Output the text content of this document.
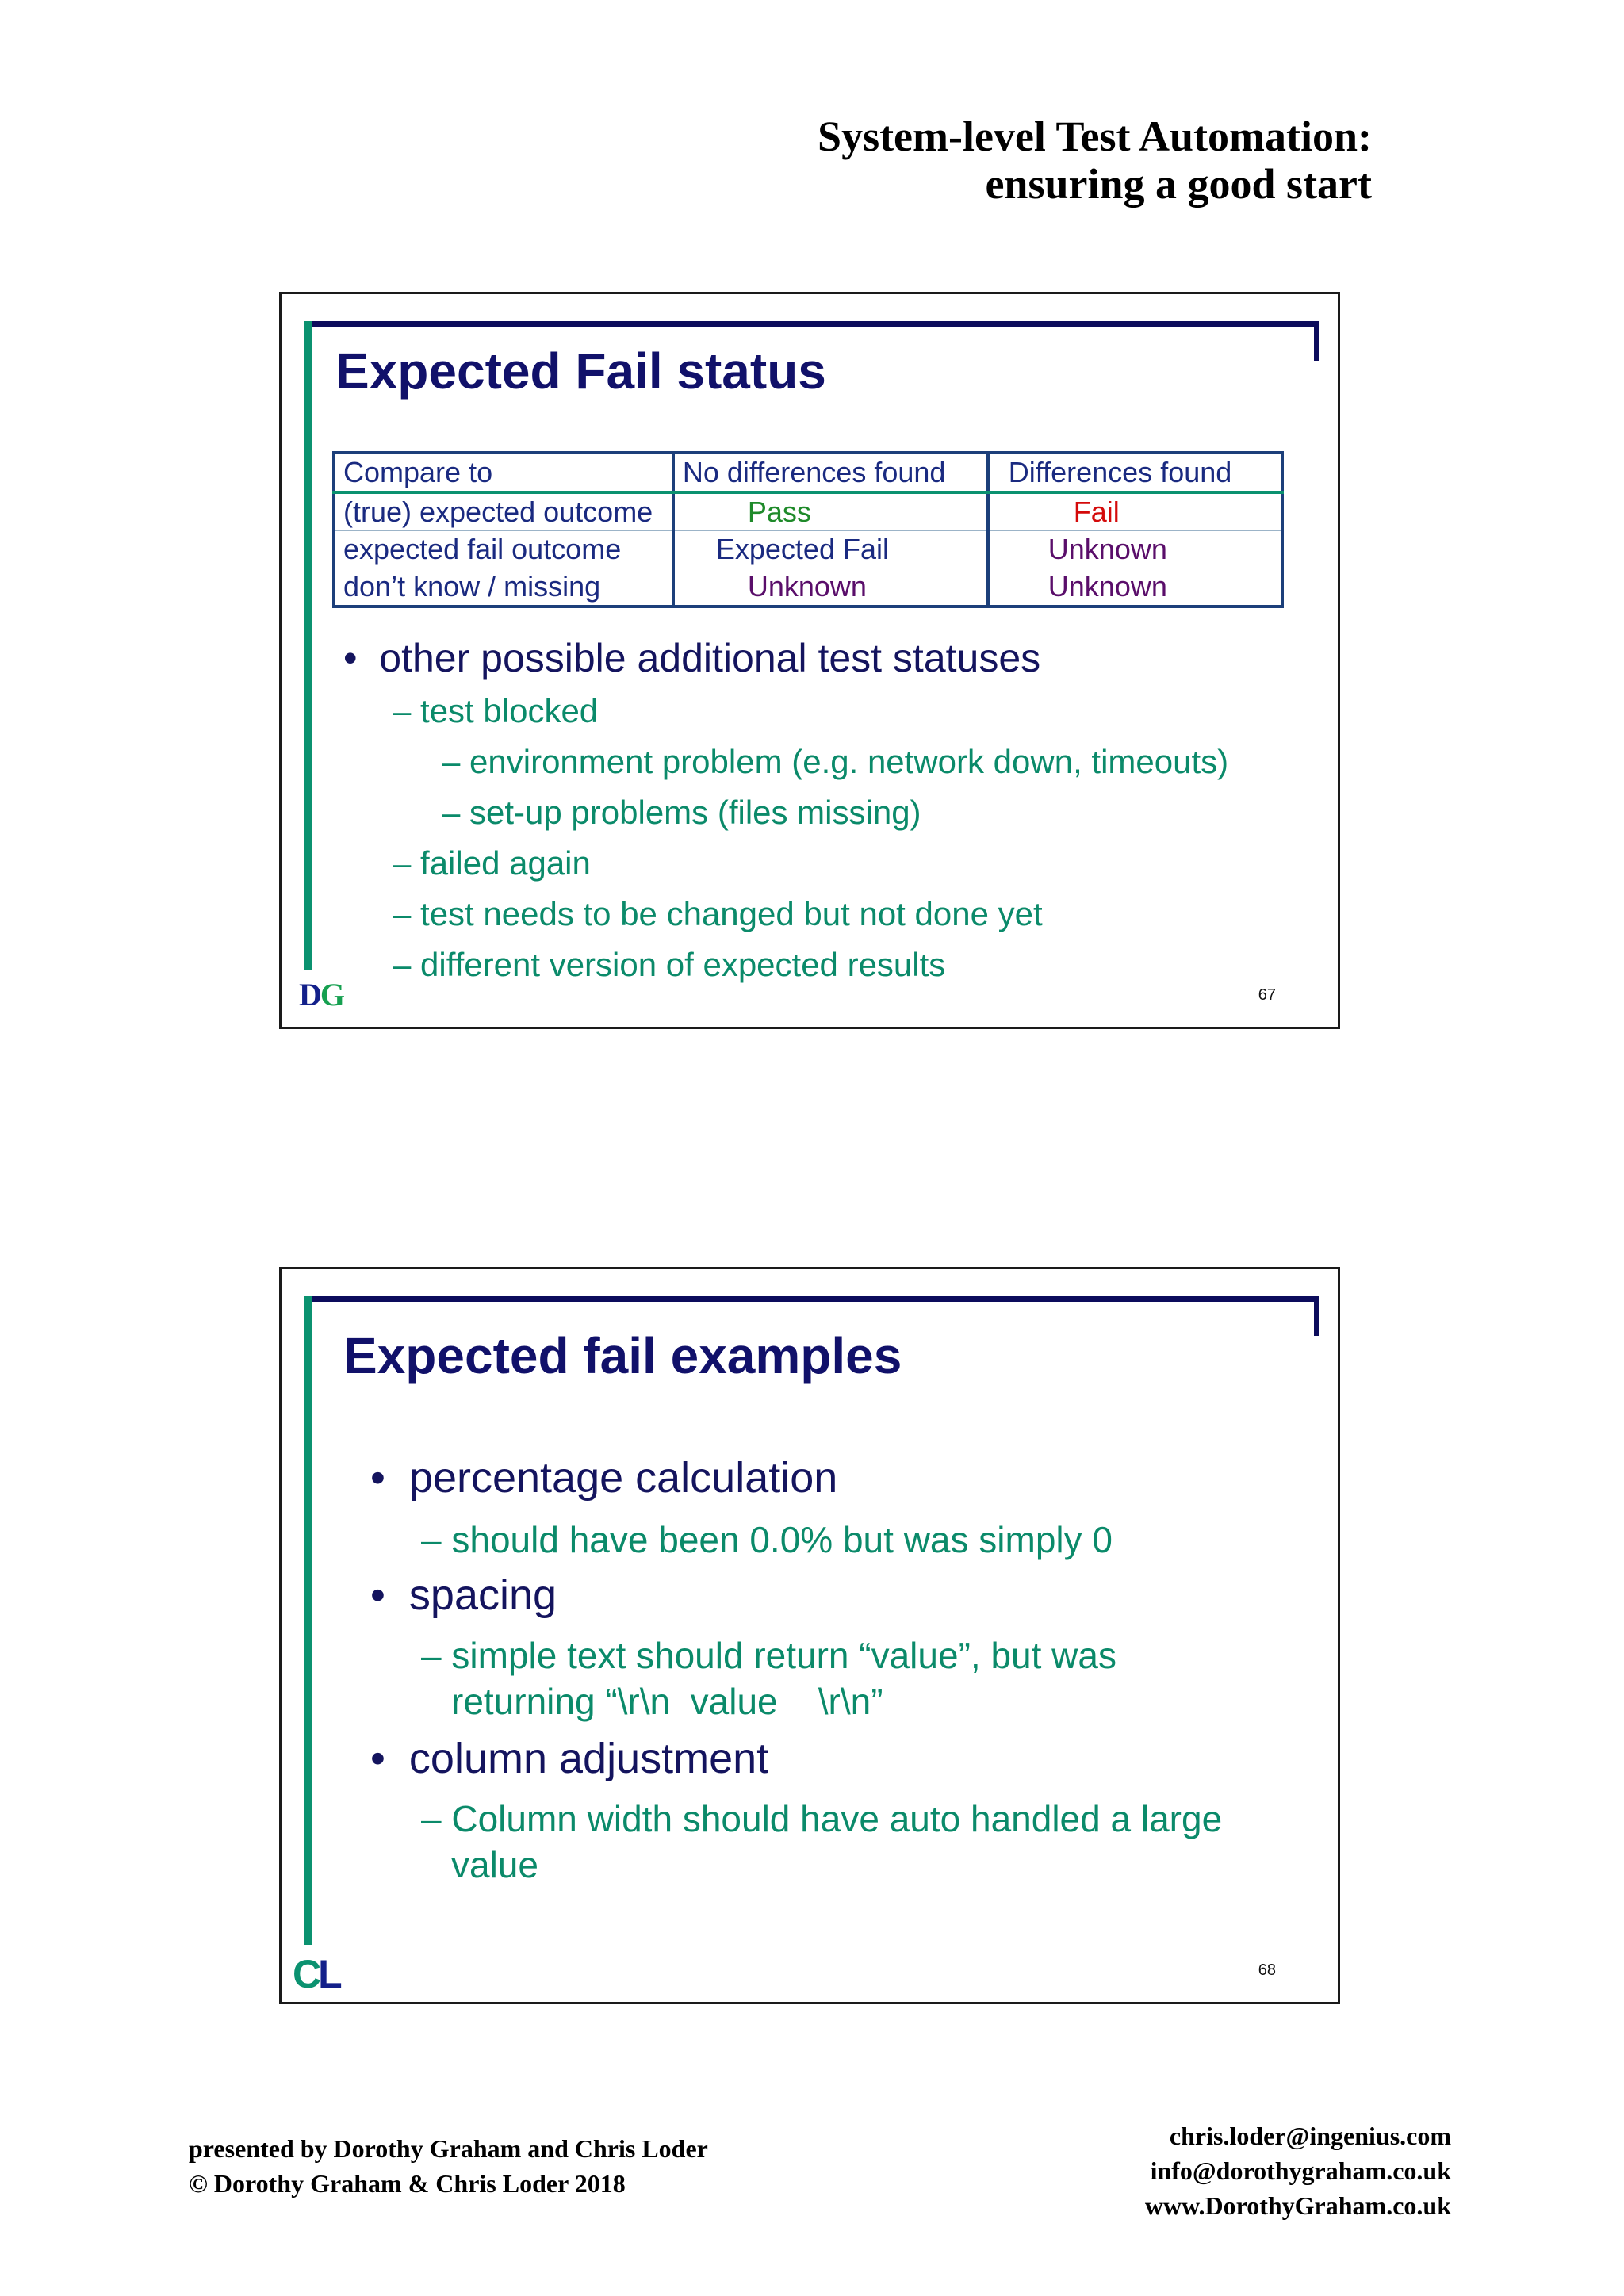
System-level Test Automation:
ensuring a good start
Expected Fail status
Compare to	No differences found	Differences found
(true) expected outcome	Pass	Fail
expected fail outcome	Expected Fail	Unknown
don’t know / missing	Unknown	Unknown
•  other possible additional test statuses
– test blocked
– environment problem (e.g. network down, timeouts)
– set-up problems (files missing)
– failed again
– test needs to be changed but not done yet
– different version of expected results
DG	67
Expected fail examples
•  percentage calculation
– should have been 0.0% but was simply 0
•  spacing
– simple text should return “value”, but was returning “\r\n  value    \r\n”
•  column adjustment
– Column width should have auto handled a large value
CL	68
presented by Dorothy Graham and Chris Loder
© Dorothy Graham & Chris Loder 2018
chris.loder@ingenius.com
info@dorothygraham.co.uk
www.DorothyGraham.co.uk
